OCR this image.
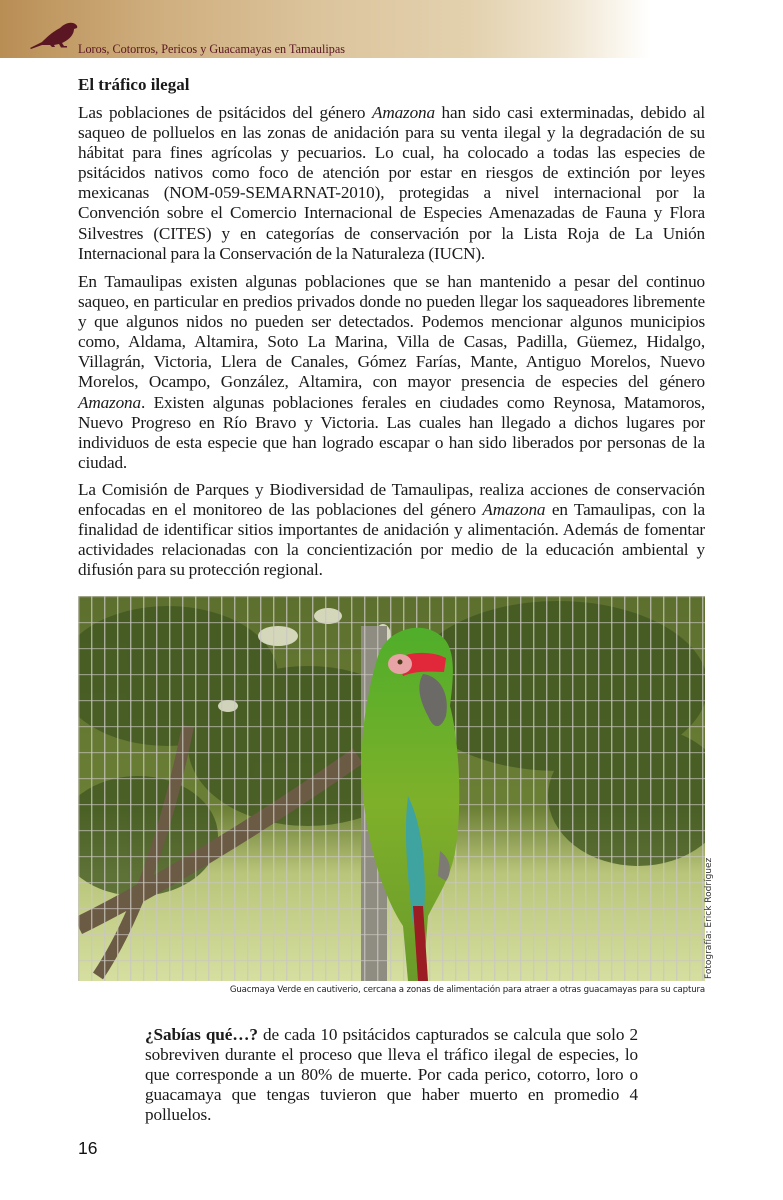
Loros, Cotorros, Pericos y Guacamayas en Tamaulipas
El tráfico ilegal

Las poblaciones de psitácidos del género Amazona han sido casi exterminadas, debido al saqueo de polluelos en las zonas de anidación para su venta ilegal y la degradación de su hábitat para fines agrícolas y pecuarios. Lo cual, ha colocado a todas las especies de psitácidos nativos como foco de atención por estar en riesgos de extinción por leyes mexicanas (NOM-059-SEMARNAT-2010), protegidas a nivel internacional por la Convención sobre el Comercio Internacional de Especies Amenazadas de Fauna y Flora Silvestres (CITES) y en categorías de conservación por la Lista Roja de La Unión Internacional para la Conservación de la Naturaleza (IUCN).

En Tamaulipas existen algunas poblaciones que se han mantenido a pesar del continuo saqueo, en particular en predios privados donde no pueden llegar los saqueadores libremente y que algunos nidos no pueden ser detectados. Podemos mencionar algunos municipios como, Aldama, Altamira, Soto La Marina, Villa de Casas, Padilla, Güemez, Hidalgo, Villagrán, Victoria, Llera de Canales, Gómez Farías, Mante, Antiguo Morelos, Nuevo Morelos, Ocampo, González, Altamira, con mayor presencia de especies del género Amazona. Existen algunas poblaciones ferales en ciudades como Reynosa, Matamoros, Nuevo Progreso en Río Bravo y Victoria. Las cuales han llegado a dichos lugares por individuos de esta especie que han logrado escapar o han sido liberados por personas de la ciudad.

La Comisión de Parques y Biodiversidad de Tamaulipas, realiza acciones de conservación enfocadas en el monitoreo de las poblaciones del género Amazona en Tamaulipas, con la finalidad de identificar sitios importantes de anidación y alimentación. Además de fomentar actividades relacionadas con la concientización por medio de la educación ambiental y difusión para su protección regional.

Fotografía: Erick Rodríguez
Guacmaya Verde en cautiverio, cercana a zonas de alimentación para atraer a otras guacamayas para su captura

¿Sabías qué…? de cada 10 psitácidos capturados se calcula que solo 2 sobreviven durante el proceso que lleva el tráfico ilegal de especies, lo que corresponde a un 80% de muerte. Por cada perico, cotorro, loro o guacamaya que tengas tuvieron que haber muerto en promedio 4 polluelos.

16
